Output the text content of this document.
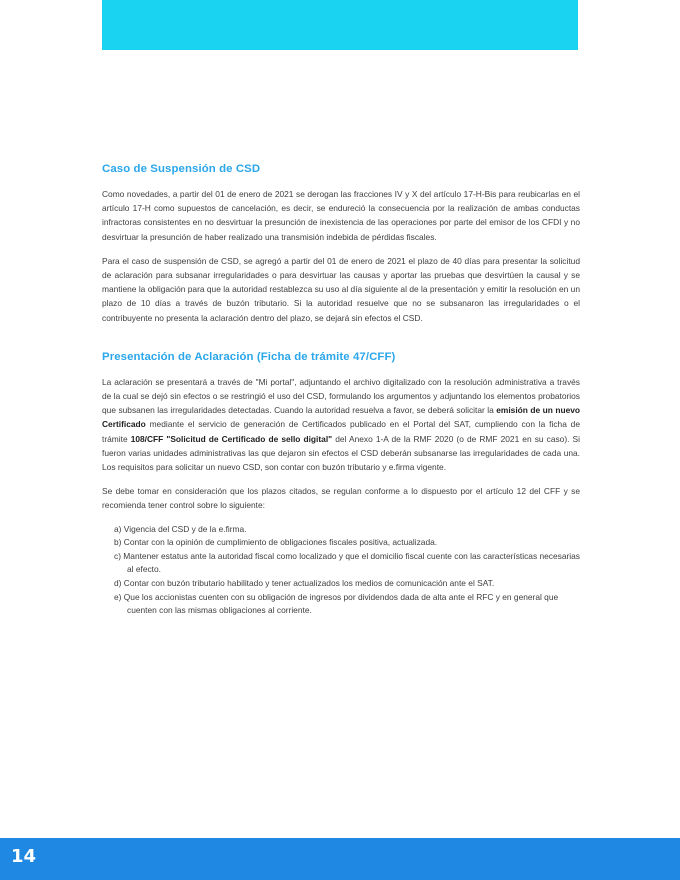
Caso de Suspensión de CSD

Como novedades, a partir del 01 de enero de 2021 se derogan las fracciones IV y X del artículo 17-H-Bis para reubicarlas en el artículo 17-H como supuestos de cancelación, es decir, se endureció la consecuencia por la realización de ambas conductas infractoras consistentes en no desvirtuar la presunción de inexistencia de las operaciones por parte del emisor de los CFDI y no desvirtuar la presunción de haber realizado una transmisión indebida de pérdidas fiscales.

Para el caso de suspensión de CSD, se agregó a partir del 01 de enero de 2021 el plazo de 40 días para presentar la solicitud de aclaración para subsanar irregularidades o para desvirtuar las causas y aportar las pruebas que desvirtúen la causal y se mantiene la obligación para que la autoridad restablezca su uso al día siguiente al de la presentación y emitir la resolución en un plazo de 10 días a través de buzón tributario. Si la autoridad resuelve que no se subsanaron las irregularidades o el contribuyente no presenta la aclaración dentro del plazo, se dejará sin efectos el CSD.

Presentación de Aclaración (Ficha de trámite 47/CFF)

La aclaración se presentará a través de "Mi portal", adjuntando el archivo digitalizado con la resolución administrativa a través de la cual se dejó sin efectos o se restringió el uso del CSD, formulando los argumentos y adjuntando los elementos probatorios que subsanen las irregularidades detectadas. Cuando la autoridad resuelva a favor, se deberá solicitar la emisión de un nuevo Certificado mediante el servicio de generación de Certificados publicado en el Portal del SAT, cumpliendo con la ficha de trámite 108/CFF "Solicitud de Certificado de sello digital" del Anexo 1-A de la RMF 2020 (o de RMF 2021 en su caso). Si fueron varias unidades administrativas las que dejaron sin efectos el CSD deberán subsanarse las irregularidades de cada una. Los requisitos para solicitar un nuevo CSD, son contar con buzón tributario y e.firma vigente.

Se debe tomar en consideración que los plazos citados, se regulan conforme a lo dispuesto por el artículo 12 del CFF y se recomienda tener control sobre lo siguiente:

a) Vigencia del CSD y de la e.firma.
b) Contar con la opinión de cumplimiento de obligaciones fiscales positiva, actualizada.
c) Mantener estatus ante la autoridad fiscal como localizado y que el domicilio fiscal cuente con las características necesarias al efecto.
d) Contar con buzón tributario habilitado y tener actualizados los medios de comunicación ante el SAT.
e) Que los accionistas cuenten con su obligación de ingresos por dividendos dada de alta ante el RFC y en general que cuenten con las mismas obligaciones al corriente.
14
